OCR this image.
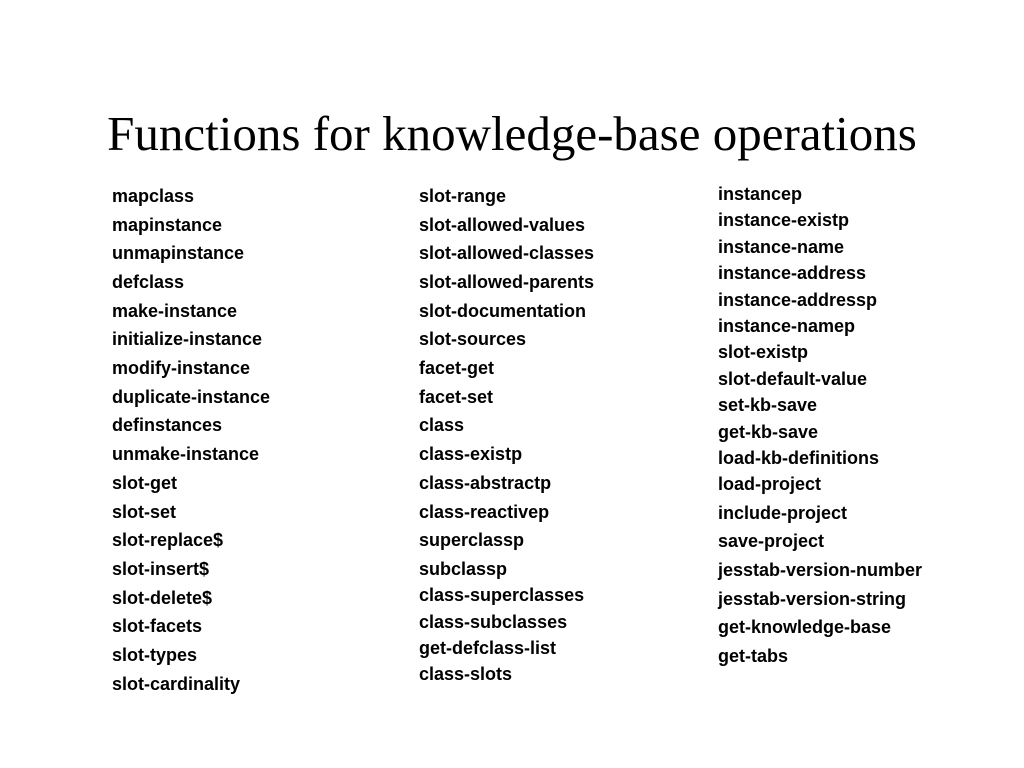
Functions for knowledge-base operations
mapclass
mapinstance
unmapinstance
defclass
make-instance
initialize-instance
modify-instance
duplicate-instance
definstances
unmake-instance
slot-get
slot-set
slot-replace$
slot-insert$
slot-delete$
slot-facets
slot-types
slot-cardinality
slot-range
slot-allowed-values
slot-allowed-classes
slot-allowed-parents
slot-documentation
slot-sources
facet-get
facet-set
class
class-existp
class-abstractp
class-reactivep
superclassp
subclassp
class-superclasses
class-subclasses
get-defclass-list
class-slots
instancep
instance-existp
instance-name
instance-address
instance-addressp
instance-namep
slot-existp
slot-default-value
set-kb-save
get-kb-save
load-kb-definitions
load-project
include-project
save-project
jesstab-version-number
jesstab-version-string
get-knowledge-base
get-tabs
